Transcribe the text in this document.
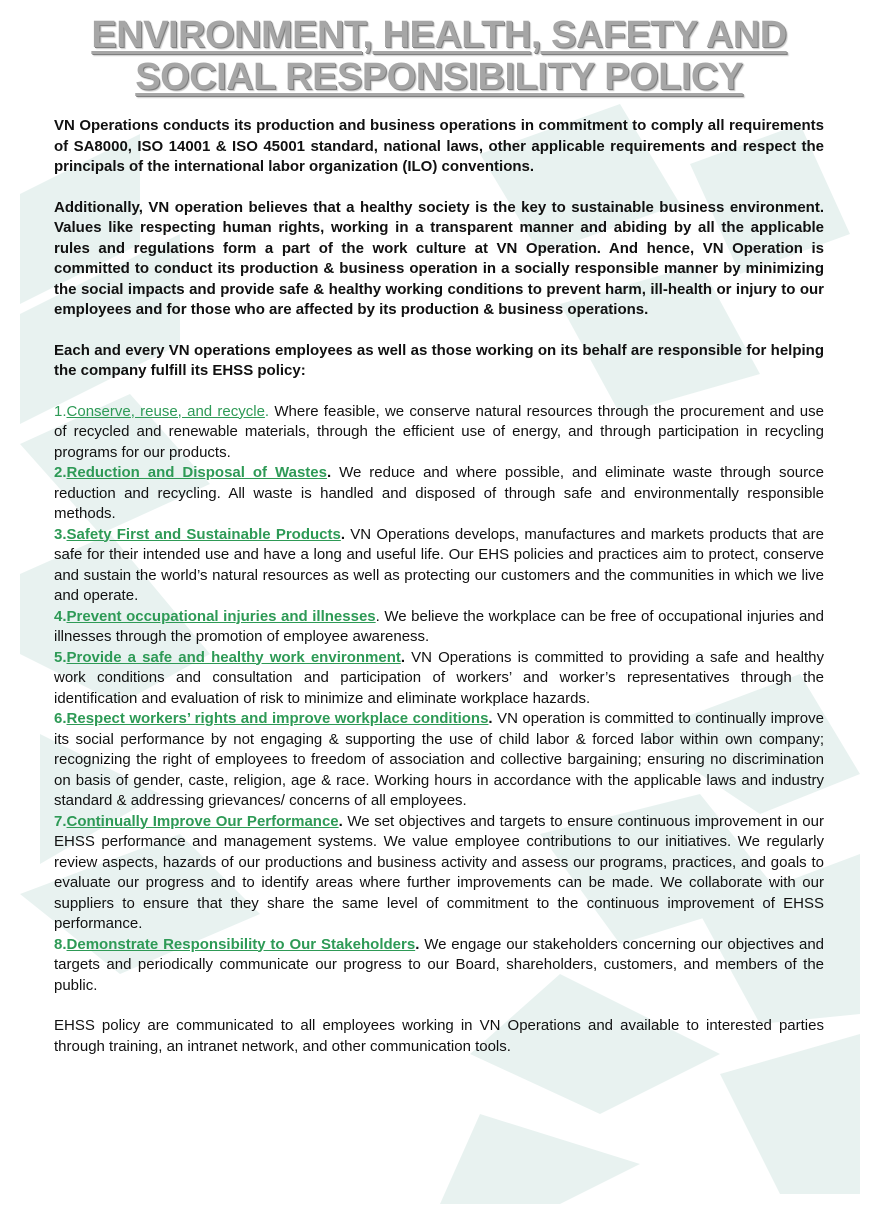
ENVIRONMENT, HEALTH, SAFETY AND
SOCIAL RESPONSIBILITY POLICY

VN Operations conducts its production and business operations in commitment to comply all requirements of SA8000, ISO 14001 & ISO 45001 standard, national laws, other applicable requirements and respect the principals of the international labor organization (ILO) conventions.

Additionally, VN operation believes that a healthy society is the key to sustainable business environment. Values like respecting human rights, working in a transparent manner and abiding by all the applicable rules and regulations form a part of the work culture at VN Operation. And hence, VN Operation is committed to conduct its production & business operation in a socially responsible manner by minimizing the social impacts and provide safe & healthy working conditions to prevent harm, ill-health or injury to our employees and for those who are affected by its production & business operations.

Each and every VN operations employees as well as those working on its behalf are responsible for helping the company fulfill its EHSS policy:

1.Conserve, reuse, and recycle. Where feasible, we conserve natural resources through the procurement and use of recycled and renewable materials, through the efficient use of energy, and through participation in recycling programs for our products.

2.Reduction and Disposal of Wastes. We reduce and where possible, and eliminate waste through source reduction and recycling. All waste is handled and disposed of through safe and environmentally responsible methods.

3.Safety First and Sustainable Products. VN Operations develops, manufactures and markets products that are safe for their intended use and have a long and useful life. Our EHS policies and practices aim to protect, conserve and sustain the world’s natural resources as well as protecting our customers and the communities in which we live and operate.

4.Prevent occupational injuries and illnesses. We believe the workplace can be free of occupational injuries and illnesses through the promotion of employee awareness.

5.Provide a safe and healthy work environment. VN Operations is committed to providing a safe and healthy work conditions and consultation and participation of workers’ and worker’s representatives through the identification and evaluation of risk to minimize and eliminate workplace hazards.

6.Respect workers’ rights and improve workplace conditions. VN operation is committed to continually improve its social performance by not engaging & supporting the use of child labor & forced labor within own company; recognizing the right of employees to freedom of association and collective bargaining; ensuring no discrimination on basis of gender, caste, religion, age & race. Working hours in accordance with the applicable laws and industry standard & addressing grievances/ concerns of all employees.

7.Continually Improve Our Performance. We set objectives and targets to ensure continuous improvement in our EHSS performance and management systems. We value employee contributions to our initiatives. We regularly review aspects, hazards of our productions and business activity and assess our programs, practices, and goals to evaluate our progress and to identify areas where further improvements can be made. We collaborate with our suppliers to ensure that they share the same level of commitment to the continuous improvement of EHSS performance.

8.Demonstrate Responsibility to Our Stakeholders. We engage our stakeholders concerning our objectives and targets and periodically communicate our progress to our Board, shareholders, customers, and members of the public.

EHSS policy are communicated to all employees working in VN Operations and available to interested parties through training, an intranet network, and other communication tools.
